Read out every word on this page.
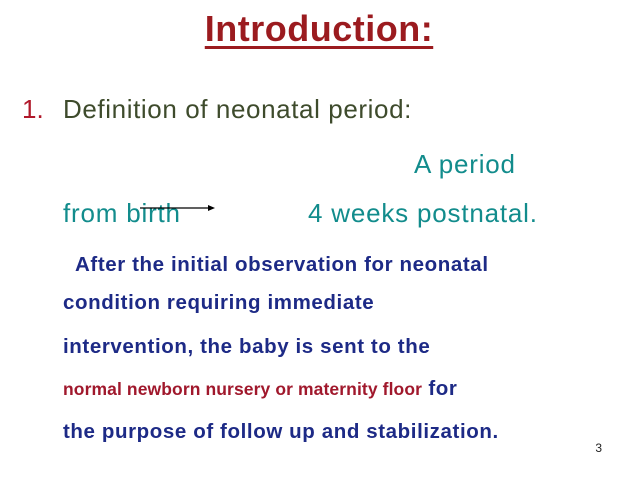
Introduction:
1. Definition of neonatal period:
A period
from birth	4 weeks postnatal.
After the initial observation for neonatal
condition requiring immediate
intervention, the baby is sent to the
normal newborn nursery or maternity floor for
the purpose of follow up and stabilization.
3
